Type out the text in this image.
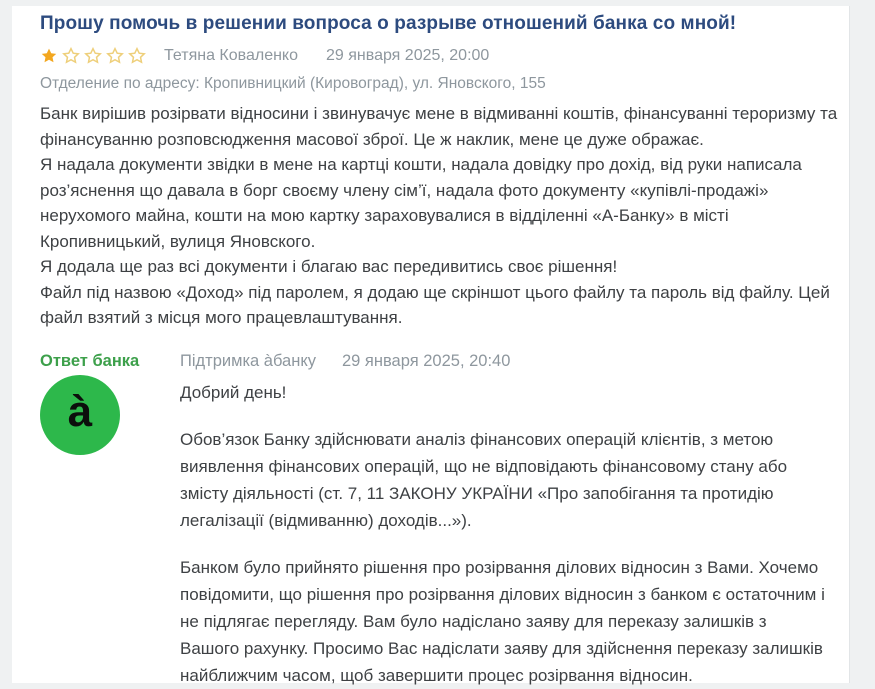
Прошу помочь в решении вопроса о разрыве отношений банка со мной!
Тетяна Коваленко 29 января 2025, 20:00
Отделение по адресу: Кропивницкий (Кировоград), ул. Яновского, 155
Банк вирішив розірвати відносини і звинувачує мене в відмиванні коштів, фінансуванні тероризму та фінансуванню розповсюдження масової зброї. Це ж наклик, мене це дуже ображає.
Я надала документи звідки в мене на картці кошти, надала довідку про дохід, від руки написала роз’яснення що давала в борг своєму члену сім’ї, надала фото документу «купівлі-продажі» нерухомого майна, кошти на мою картку зараховувалися в відділенні «А-Банку» в місті Кропивницький, вулиця Яновского.
Я додала ще раз всі документи і благаю вас передивитись своє рішення!
Файл під назвою «Доход» під паролем, я додаю ще скріншот цього файлу та пароль від файлу. Цей файл взятий з місця мого працевлаштування.
Ответ банка	Підтримка àбанку 29 января 2025, 20:40
à	Добрий день!
Обов’язок Банку здійснювати аналіз фінансових операцій клієнтів, з метою виявлення фінансових операцій, що не відповідають фінансовому стану або змісту діяльності (ст. 7, 11 ЗАКОНУ УКРАЇНИ «Про запобігання та протидію легалізації (відмиванню) доходів...»).
Банком було прийнято рішення про розірвання ділових відносин з Вами. Хочемо повідомити, що рішення про розірвання ділових відносин з банком є остаточним і не підлягає перегляду. Вам було надіслано заяву для переказу залишків з Вашого рахунку. Просимо Вас надіслати заяву для здійснення переказу залишків найближчим часом, щоб завершити процес розірвання відносин.
